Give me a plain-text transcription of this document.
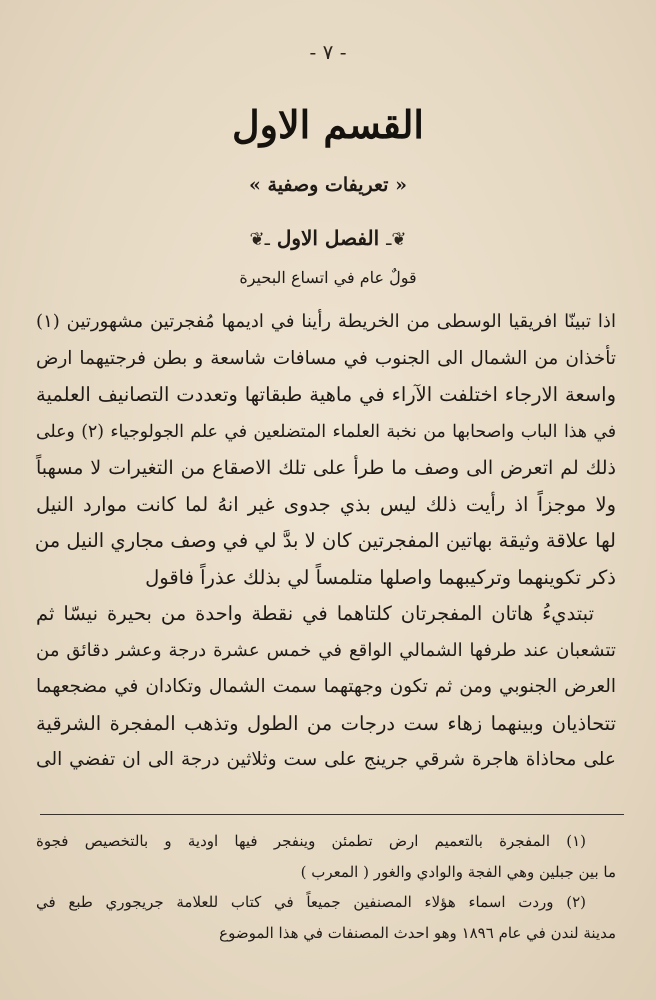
- ٧ -
القسم الاول
« تعريفات وصفية »
❦ـ الفصل الاول ـ❦
قولٌ عام في اتساع البحيرة
اذا تبينّا افريقيا الوسطى من الخريطة رأينا في اديمها مُفجرتين مشهورتين (١)
تأخذان من الشمال الى الجنوب في مسافات شاسعة و بطن فرجتيهما ارض
واسعة الارجاء اختلفت الآراء في ماهية طبقاتها وتعددت التصانيف العلمية
في هذا الباب واصحابها من نخبة العلماء المتضلعين في علم الجولوجياء (٢) وعلى
ذلك لم اتعرض الى وصف ما طرأ على تلك الاصقاع من التغيرات لا مسهباً
ولا موجزاً اذ رأيت ذلك ليس بذي جدوى غير انهُ لما كانت موارد النيل
لها علاقة وثيقة بهاتين المفجرتين كان لا بدَّ لي في وصف مجاري النيل من
ذكر تكوينهما وتركيبهما واصلها متلمساً لي بذلك عذراً فاقول
تبتديءُ هاتان المفجرتان كلتاهما في نقطة واحدة من بحيرة نيسّا ثم
تتشعبان عند طرفها الشمالي الواقع في خمس عشرة درجة وعشر دقائق من
العرض الجنوبي ومن ثم تكون وجهتهما سمت الشمال وتكادان في مضجعهما
تتحاذيان وبينهما زهاء ست درجات من الطول وتذهب المفجرة الشرقية
على محاذاة هاجرة شرقي جرينج على ست وثلاثين درجة الى ان تفضي الى
(١) المفجرة بالتعميم ارض تطمئن وينفجر فيها اودية و بالتخصيص فجوة
ما بين جبلين وهي الفجة والوادي والغور ( المعرب )
(٢) وردت اسماء هؤلاء المصنفين جميعاً في كتاب للعلامة جريجوري طبع في
مدينة لندن في عام ١٨٩٦ وهو احدث المصنفات في هذا الموضوع
